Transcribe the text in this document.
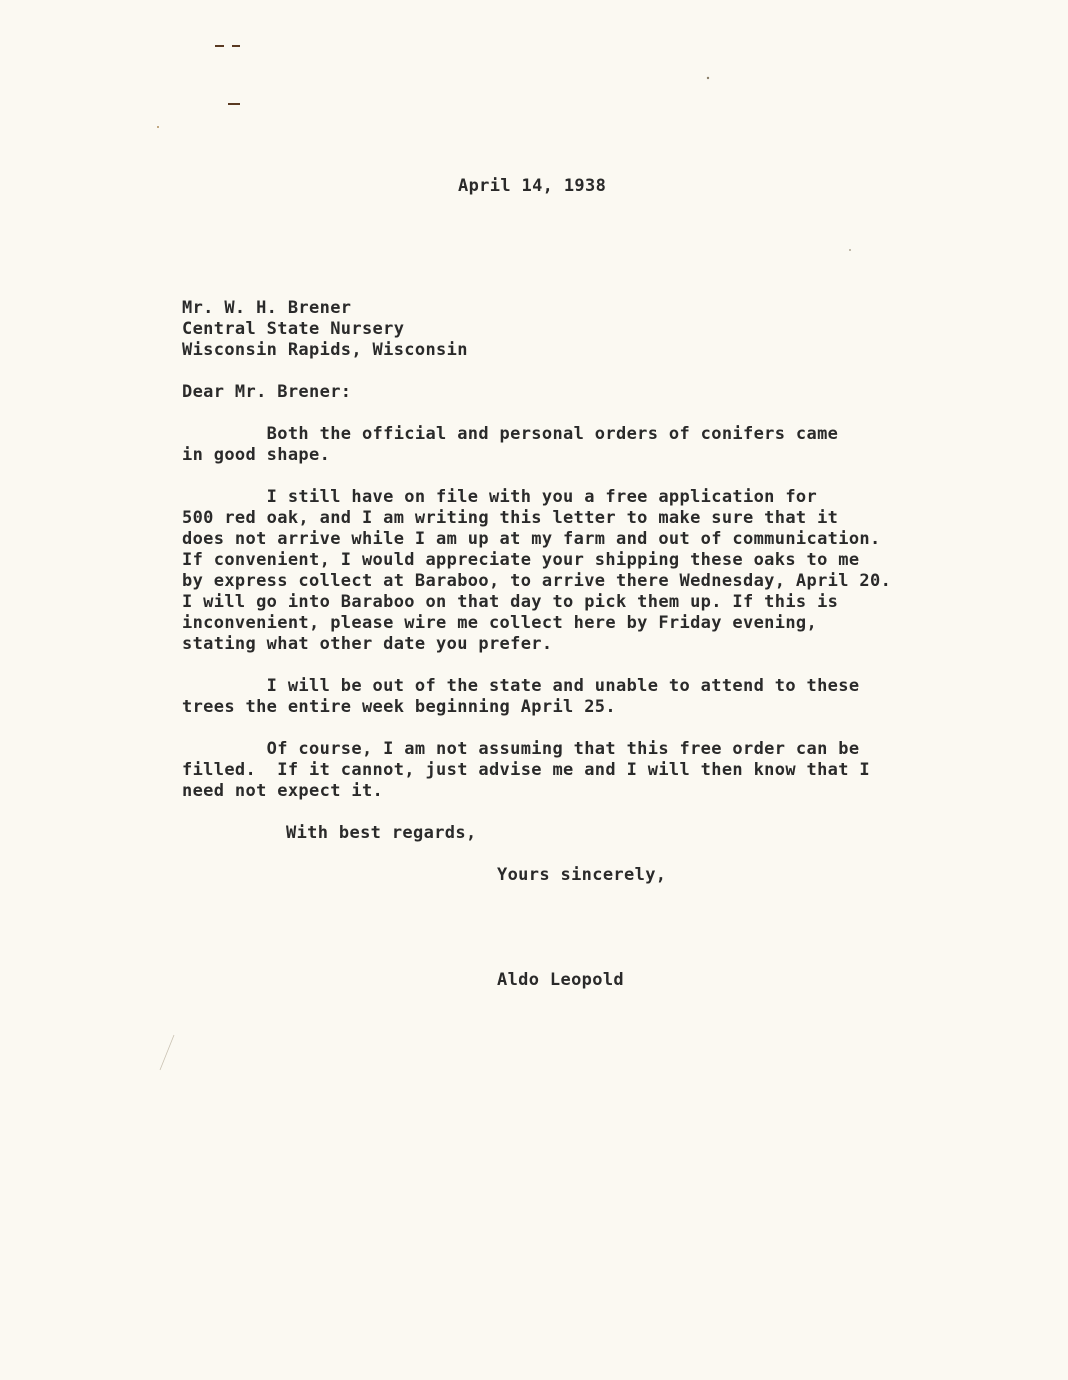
April 14, 1938
Mr. W. H. Brener
Central State Nursery
Wisconsin Rapids, Wisconsin
Dear Mr. Brener:
Both the official and personal orders of conifers came
in good shape.
I still have on file with you a free application for
500 red oak, and I am writing this letter to make sure that it
does not arrive while I am up at my farm and out of communication.
If convenient, I would appreciate your shipping these oaks to me
by express collect at Baraboo, to arrive there Wednesday, April 20.
I will go into Baraboo on that day to pick them up. If this is
inconvenient, please wire me collect here by Friday evening,
stating what other date you prefer.
I will be out of the state and unable to attend to these
trees the entire week beginning April 25.
Of course, I am not assuming that this free order can be
filled.  If it cannot, just advise me and I will then know that I
need not expect it.
With best regards,
Yours sincerely,
Aldo Leopold
